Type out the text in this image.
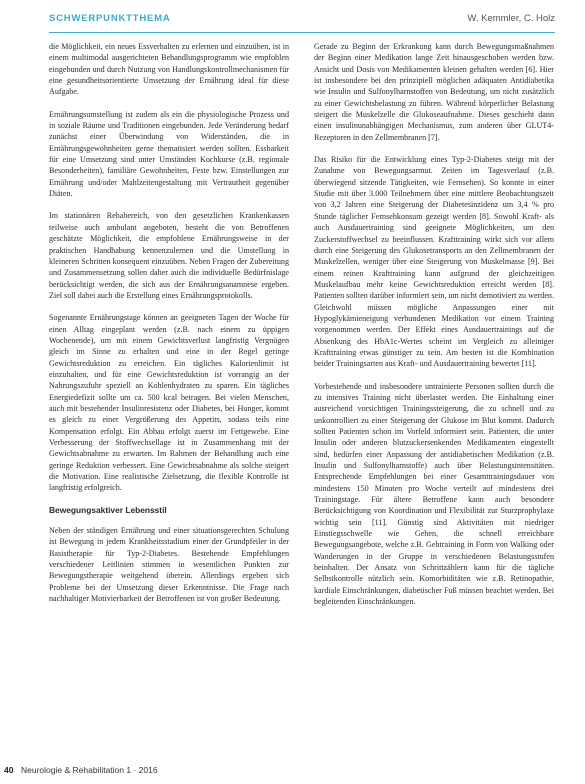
SCHWERPUNKTTHEMA	W. Kemmler, C. Holz

die Möglichkeit, ein neues Essverhalten zu erlernen und einzuüben, ist in einem multimodal ausgerichteten Behandlungsprogramm wie empfohlen eingebunden und durch Nutzung von Handlungskontrollmechanismen für eine gesundheitsorientierte Umsetzung der Ernährung ideal für diese Aufgabe.

Ernährungsumstellung ist zudem als ein die physiologische Prozess und in soziale Räume und Traditionen eingebunden. Jede Veränderung bedarf zunächst einer Überwindung von Widerständen, die in Ernährungsgewohnheiten gerne thematisiert werden sollten. Essbarkeit für eine Umsetzung sind unter Umständen Kochkurse (z.B. regionale Besonderheiten), familiäre Gewohnheiten, Feste bzw. Einstellungen zur Ernährung und/oder Mahlzeitengestaltung mit Vertrautheit gegenüber Diäten.

Im stationären Rehabereich, von den gesetzlichen Krankenkassen teilweise auch ambulant angeboten, besteht die von Betroffenen geschätzte Möglichkeit, die empfohlene Ernährungsweise in der praktischen Handhabung kennenzulernen und die Umstellung in kleineren Schritten konsequent einzuüben. Neben Fragen der Zubereitung und Zusammensetzung sollen daher auch die individuelle Bedürfnislage berücksichtigt werden, die sich aus der Ernährungsanamnese ergeben. Ziel soll dabei auch die Erstellung eines Ernährungsprotokolls.

Sogenannte Ernährungstage können an geeigneten Tagen der Woche für einen Alltag eingeplant werden (z.B. nach einem zu üppigen Wochenende), um mit einem Gewichtsverlust langfristig Vergnügen gleich im Sinne zu erhalten und eine in der Regel geringe Gewichtsreduktion zu erreichen. Ein tägliches Kalorienlimit ist einzuhalten, und für eine Gewichtsreduktion ist vorrangig an der Nahrungszufuhr speziell an Kohlenhydraten zu sparen. Ein tägliches Energiedefizit sollte um ca. 500 kcal betragen. Bei vielen Menschen, auch mit bestehender Insulinresistenz oder Diabetes, bei Hunger, kommt es gleich zu einer Vergrößerung des Appetits, sodass teils eine Kompensation erfolgt. Ein Abbau erfolgt zuerst im Fettgewebe. Eine Verbesserung der Stoffwechsellage ist in Zusammenhang mit der Gewichtsabnahme zu erwarten. Im Rahmen der Behandlung auch eine geringe Reduktion verbessert. Eine Gewichtsabnahme als solche steigert die Motivation. Eine realistische Zielsetzung, die flexible Kontrolle ist langfristig erfolgreich.

Bewegungsaktiver Lebensstil

Neben der ständigen Ernährung und einer situationsgerechten Schulung ist Bewegung in jedem Krankheitsstadium einer der Grundpfeiler in der Basistherapie für Typ-2-Diabetes. Bestehende Empfehlungen verschiedener Leitlinien stimmen in wesentlichen Punkten zur Bewegungstherapie weitgehend überein. Allerdings ergeben sich Probleme bei der Umsetzung dieser Erkenntnisse. Die Frage nach nachhaltiger Motivierbarkeit der Betroffenen ist von großer Bedeutung.

Gerade zu Beginn der Erkrankung kann durch Bewegungsmaßnahmen der Beginn einer Medikation lange Zeit hinausgeschoben werden bzw. Ansicht und Dosis von Medikamenten kleinen gehalten werden [6]. Hier ist insbesondere bei den prinzipiell möglichen adäquaten Antidiabetika wie Insulin und Sulfonylharnstoffen von Bedeutung, um nicht zusätzlich zu einer Gewichtsbelastung zu führen. Während körperlicher Belastung steigert die Muskelzelle die Glukoseaufnahme. Dieses geschieht dann einen insulinunabhängigen Mechanismus, zum anderen über GLUT4-Rezeptoren in den Zellmembranen [7].

Das Risiko für die Entwicklung eines Typ-2-Diabetes steigt mit der Zunahme von Bewegungsarmut. Zeiten im Tagesverlauf (z.B. überwiegend sitzende Tätigkeiten, wie Fernsehen). So konnte in einer Studie mit über 3.000 Teilnehmern über eine mittlere Beobachtungszeit von 3,2 Jahren eine Steigerung der Diabetesinzidenz um 3,4 % pro Stunde täglicher Fernsehkonsum gezeigt werden [8]. Sowohl Kraft- als auch Ausdauertraining sind geeignete Möglichkeiten, um den Zuckerstoffwechsel zu beeinflussen. Krafttraining wirkt sich vor allem durch eine Steigerung des Glukosetransports an den Zellmembranen der Muskelzellen, weniger über eine Steigerung von Muskelmasse [9]. Bei einem reinen Krafttraining kann aufgrund der gleichzeitigen Muskelaufbau mehr keine Gewichtsreduktion erreicht werden [8]. Patienten sollten darüber informiert sein, um nicht demotiviert zu werden. Gleichwohl müssen mögliche Anpassungen einer mit Hypoglykämieneigung verbundenen Medikation vor einem Training vorgenommen werden. Der Effekt eines Ausdauertrainings auf die Absenkung des HbA1c-Wertes scheint im Vergleich zu alleiniger Krafttraining etwas günstiger zu sein. Am besten ist die Kombination beider Trainingsarten aus Kraft- und Ausdauertraining bewertet [11].

Vorbestehende und insbesondere untrainierte Personen sollten durch die zu intensives Training nicht überlastet werden. Die Einhaltung einer ausreichend vorsichtigen Trainingssteigerung, die zu schnell und zu unkontrolliert zu einer Steigerung der Glukose im Blut kommt. Dadurch sollten Patienten schon im Vorfeld informiert sein. Patienten, die unter Insulin oder anderen blutzuckersenkenden Medikamenten eingestellt sind, bedürfen einer Anpassung der antidiabetischen Medikation (z.B. Insulin und Sulfonylharnstoffe) auch über Belastungsintensitäten. Entsprechende Empfehlungen bei einer Gesamttrainingsdauer von mindestens 150 Minuten pro Woche verteilt auf mindestens drei Trainingstage. Für ältere Betroffene kann auch besondere Berücksichtigung von Koordination und Flexibilität zur Sturzprophylaxe wichtig sein [11]. Günstig sind Aktivitäten mit niedriger Einstiegsschwelle wie Gehen, die schnell erreichbare Bewegungsangebote, welche z.B. Gehtraining in Form von Walking oder Wanderungen in der Gruppe in verschiedenen Belastungsstufen beinhalten. Der Ansatz von Schrittzählern kann für die tägliche Selbstkontrolle nützlich sein. Komorbiditäten wie z.B. Retinopathie, kardiale Einschränkungen, diabetischer Fuß müssen beachtet werden. Bei begleitenden Einschränkungen.

40 Neurologie & Rehabilitation 1 · 2016
